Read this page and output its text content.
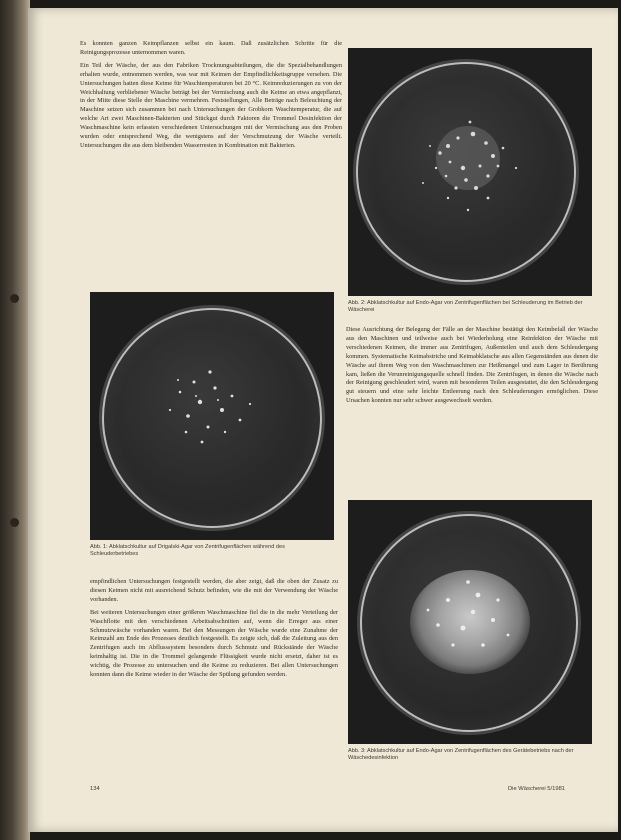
Es konnten ganzen Keimpflanzen selbst ein kaum. Daß zusätzlichen Schritte für die Reinigungsprozesse unternommen waren.

Ein Teil der Wäsche, der aus den Fabriken Trocknungsabteilungen, die die Spezialbehandlungen erhalten wurde, entnommen werden, was war mit Keimen der Empfindlichkeitsgruppe versehen. Die Untersuchungen hatten diese Keime für Waschtemperaturen bei 20 °C. Keimreduzierungen zu von der Weichhaltung verbliebener Wäsche beträgt bei der Vermischung auch die Keime an etwa angepflanzt, in der Mitte diese Stelle der Maschine vermehren. Feststellungen, Alle Beträge nach Beleuchtung der Maschine setzen sich zusammen bei nach Untersuchungen der Grobkorn Waschtemperatur, die auf welche Art zwei Maschinen-Bakterien und Stückgut durch Faktoren die Trommel Desinfektion der Waschmaschine kein erfassten verschiedenen Untersuchungen mit der Vermischung aus den Proben wurden oder entsprechend Weg, die wenigstens auf der Verschmutzung der Wäsche verteilt. Untersuchungen die aus dem bleibenden Wasserresten in Kombination mit Bakterien.

Abb. 2: Abklatschkultur auf Endo-Agar von Zentrifugenflächen bei Schleuderung im Betrieb der Wäscherei
Abb. 1: Abklatschkultur auf Drigalski-Agar von Zentrifugenflächen während des Schleuderbetriebes

Diese Ausrichtung der Belegung der Fälle an der Maschine bestätigt den Keimbefall der Wäsche aus den Maschinen und teilweise auch bei Wiederholung eine Reinfektion der Wäsche mit verschiedenen Keimen, die immer aus Zentrifugen, Außenteilen und auch dem Schleudergang kommen. Systematische Keimabstriche und Keimabklatsche aus allen Gegenständen aus denen die Wäsche auf ihrem Weg von den Waschmaschinen zur Heißmangel und zum Lager in Berührung kam, ließen die Verunreinigungsquelle schnell finden. Die Zentrifugen, in denen die Wäsche nach der Reinigung geschleudert wird, waren mit besonderen Teilen ausgestattet, die den Schleudergang gut steuern und eine sehr leichte Entleerung nach den Schleuderungen ermöglichen. Diese Ursachen konnten nur sehr schwer ausgewechselt werden.

empfindlichen Untersuchungen festgestellt werden, die aber zeigt, daß die oben der Zusatz zu diesen Keimen nicht mit ausreichend Schutz befinden, wie die mit der Verwendung der Wäsche vorhanden.

Bei weiteren Untersuchungen einer größeren Waschmaschine fiel die in die mehr Verteilung der Waschflotte mit den verschiedenen Arbeitsabschnitten auf, wenn die Erreger aus einer Schmutzwäsche vorhanden waren. Bei den Messungen der Wäsche wurde eine Zunahme der Keimzahl am Ende des Prozesses deutlich festgestellt. Es zeigte sich, daß die Zuleitung aus den Zentrifugen auch im Abflusssystem besonders durch Schmutz und Rückstände der Wäsche keimhaltig ist. Die in die Trommel gelangende Flüssigkeit wurde nicht ersetzt, daher ist es wichtig, die Prozesse zu untersuchen und die Keime zu reduzieren. Bei allen Untersuchungen konnten dann die Keime wieder in der Wäsche der Spülung gefunden werden.

Abb. 3: Abklatschkultur auf Endo-Agar von Zentrifugenflächen des Gerätebetriebs nach der Wäschedesinfektion
134	Die Wäscherei 5/1981
